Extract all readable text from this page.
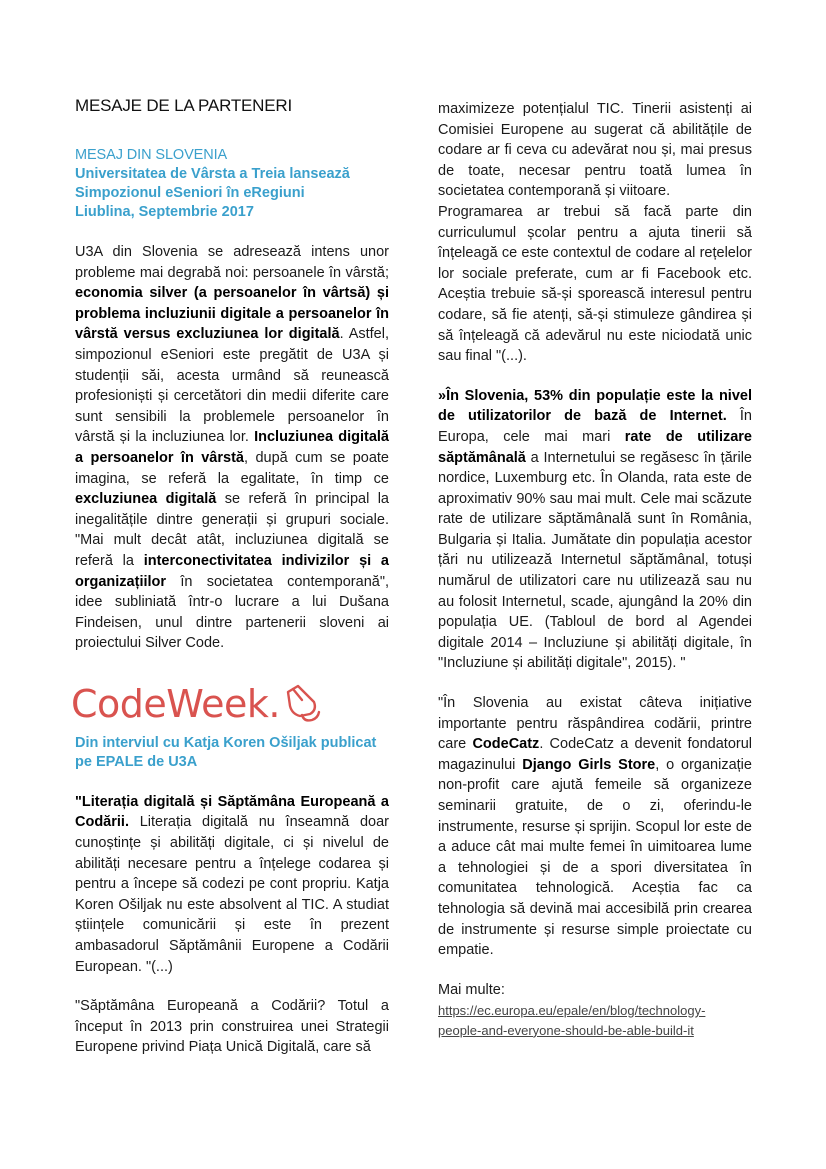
MESAJE DE LA PARTENERI
MESAJ DIN SLOVENIA
Universitatea de Vârsta a Treia lansează Simpozionul eSeniori în eRegiuni
Liublina, Septembrie 2017

U3A din Slovenia se adresează intens unor probleme mai degrabă noi: persoanele în vârstă; economia silver (a persoanelor în vârtsă) și problema incluziunii digitale a persoanelor în vârstă versus excluziunea lor digitală. Astfel, simpozionul eSeniori este pregătit de U3A și studenții săi, acesta urmând să reunească profesioniști și cercetători din medii diferite care sunt sensibili la problemele persoanelor în vârstă și la incluziunea lor. Incluziunea digitală a persoanelor în vârstă, după cum se poate imagina, se referă la egalitate, în timp ce excluziunea digitală se referă în principal la inegalitățile dintre generații și grupuri sociale. "Mai mult decât atât, incluziunea digitală se referă la interconectivitatea indivizilor și a organizațiilor în societatea contemporană", idee subliniată într-o lucrare a lui Dušana Findeisen, unul dintre partenerii sloveni ai proiectului Silver Code.

CodeWeek.
Din interviul cu Katja Koren Ošiljak publicat pe EPALE de U3A

"Literația digitală și Săptămâna Europeană a Codării. Literația digitală nu înseamnă doar cunoștințe și abilități digitale, ci și nivelul de abilități necesare pentru a înțelege codarea și pentru a începe să codezi pe cont propriu. Katja Koren Ošiljak nu este absolvent al TIC. A studiat științele comunicării și este în prezent ambasadorul Săptămânii Europene a Codării European. "(...)

"Săptămâna Europeană a Codării? Totul a început în 2013 prin construirea unei Strategii Europene privind Piața Unică Digitală, care să

maximizeze potențialul TIC. Tinerii asistenți ai Comisiei Europene au sugerat că abilitățile de codare ar fi ceva cu adevărat nou și, mai presus de toate, necesar pentru toată lumea în societatea contemporană și viitoare.

Programarea ar trebui să facă parte din curriculumul școlar pentru a ajuta tinerii să înțeleagă ce este contextul de codare al rețelelor lor sociale preferate, cum ar fi Facebook etc. Aceștia trebuie să-și sporească interesul pentru codare, să fie atenți, să-și stimuleze gândirea și să înțeleagă că adevărul nu este niciodată unic sau final "(...).

»În Slovenia, 53% din populație este la nivel de utilizatorilor de bază de Internet. În Europa, cele mai mari rate de utilizare săptămânală a Internetului se regăsesc în țările nordice, Luxemburg etc. În Olanda, rata este de aproximativ 90% sau mai mult. Cele mai scăzute rate de utilizare săptămânală sunt în România, Bulgaria și Italia. Jumătate din populația acestor țări nu utilizează Internetul săptămânal, totuși numărul de utilizatori care nu utilizează sau nu au folosit Internetul, scade, ajungând la 20% din populația UE. (Tabloul de bord al Agendei digitale 2014 – Incluziune și abilități digitale, în "Incluziune și abilități digitale", 2015). "

"În Slovenia au existat câteva inițiative importante pentru răspândirea codării, printre care CodeCatz. CodeCatz a devenit fondatorul magazinului Django Girls Store, o organizație non-profit care ajută femeile să organizeze seminarii gratuite, de o zi, oferindu-le instrumente, resurse și sprijin. Scopul lor este de a aduce cât mai multe femei în uimitoarea lume a tehnologiei și de a spori diversitatea în comunitatea tehnologică. Aceștia fac ca tehnologia să devină mai accesibilă prin crearea de instrumente și resurse simple proiectate cu empatie.

Mai multe:
https://ec.europa.eu/epale/en/blog/technology-
people-and-everyone-should-be-able-build-it
